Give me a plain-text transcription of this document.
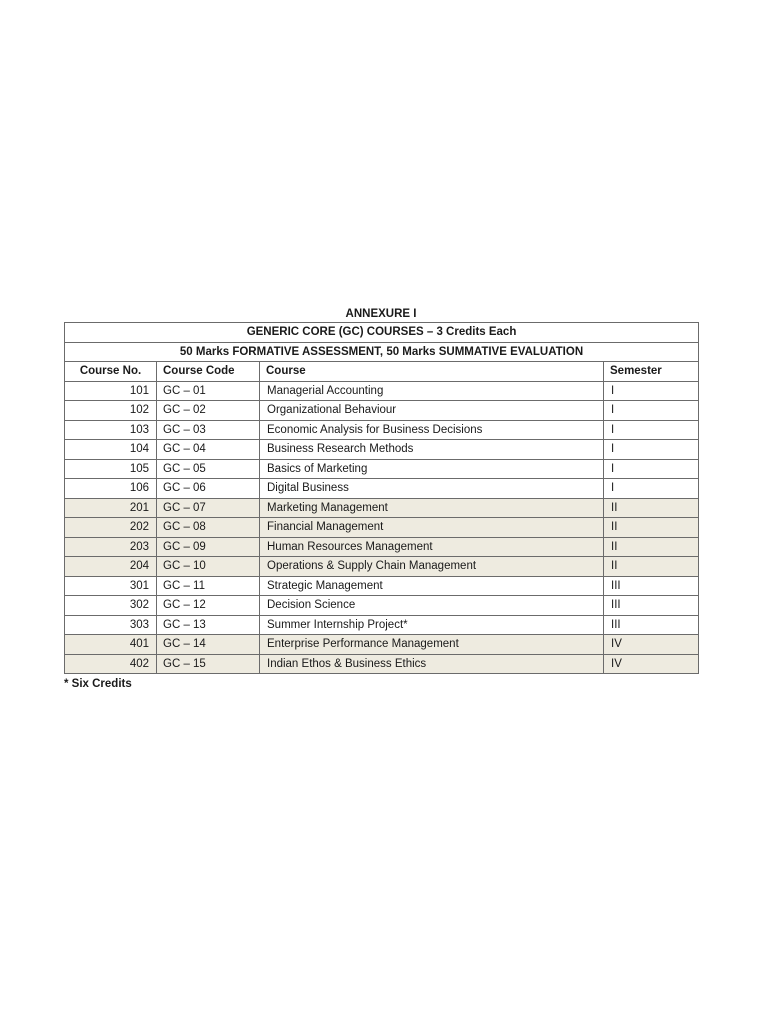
ANNEXURE I
GENERIC CORE (GC) COURSES – 3 Credits Each			
50 Marks FORMATIVE ASSESSMENT, 50 Marks SUMMATIVE EVALUATION			
Course No.	Course Code	Course	Semester
101	GC – 01	Managerial Accounting	I
102	GC – 02	Organizational Behaviour	I
103	GC – 03	Economic Analysis for Business Decisions	I
104	GC – 04	Business Research Methods	I
105	GC – 05	Basics of Marketing	I
106	GC – 06	Digital Business	I
201	GC – 07	Marketing Management	II
202	GC – 08	Financial Management	II
203	GC – 09	Human Resources Management	II
204	GC – 10	Operations & Supply Chain Management	II
301	GC – 11	Strategic Management	III
302	GC – 12	Decision Science	III
303	GC – 13	Summer Internship Project*	III
401	GC – 14	Enterprise Performance Management	IV
402	GC – 15	Indian Ethos & Business Ethics	IV
* Six Credits
